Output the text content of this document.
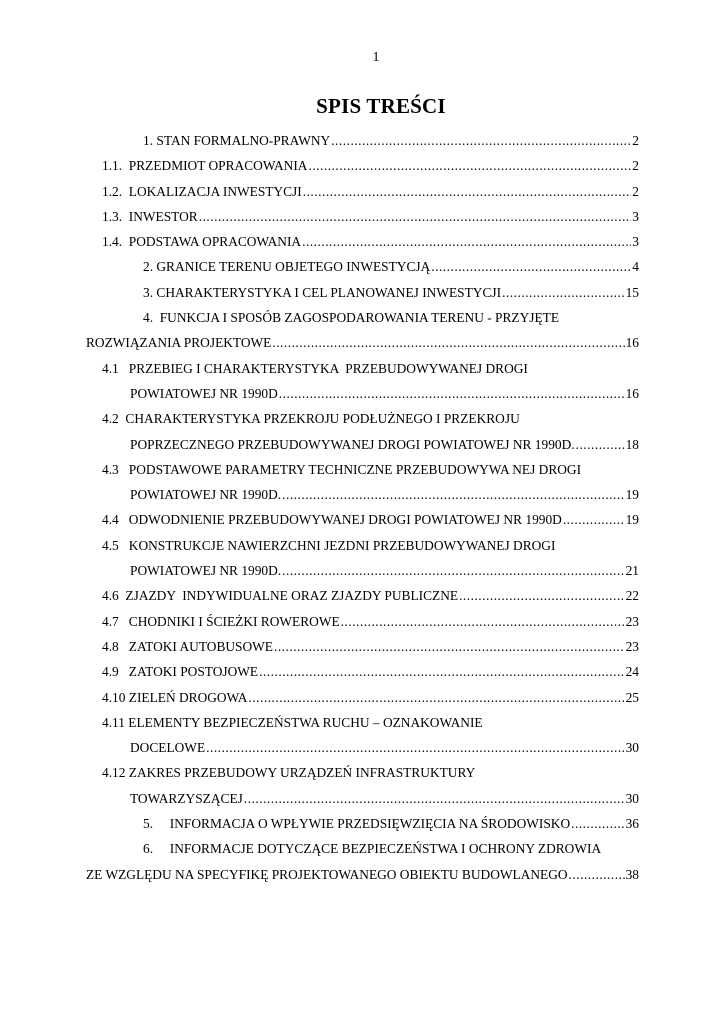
1
SPIS TREŚCI
1. STAN FORMALNO-PRAWNY .....	2
1.1.  PRZEDMIOT OPRACOWANIA .....	2
1.2.  LOKALIZACJA INWESTYCJI .....	2
1.3.  INWESTOR .....	3
1.4.  PODSTAWA OPRACOWANIA .....	3
2. GRANICE TERENU OBJETEGO INWESTYCJĄ .....	4
3. CHARAKTERYSTYKA I CEL PLANOWANEJ INWESTYCJI .....	15
4.  FUNKCJA I SPOSÓB ZAGOSPODAROWANIA TERENU - PRZYJĘTE
ROZWIĄZANIA PROJEKTOWE .....	16
4.1   PRZEBIEG I CHARAKTERYSTYKA  PRZEBUDOWYWANEJ DROGI
POWIATOWEJ NR 1990D .....	16
4.2  CHARAKTERYSTYKA PRZEKROJU PODŁUŻNEGO I PRZEKROJU
POPRZECZNEGO PRZEBUDOWYWANEJ DROGI POWIATOWEJ NR 1990D. .....	18
4.3   PODSTAWOWE PARAMETRY TECHNICZNE PRZEBUDOWYWA NEJ DROGI
POWIATOWEJ NR 1990D. .....	19
4.4   ODWODNIENIE PRZEBUDOWYWANEJ DROGI POWIATOWEJ NR 1990D .....	19
4.5   KONSTRUKCJE NAWIERZCHNI JEZDNI PRZEBUDOWYWANEJ DROGI
POWIATOWEJ NR 1990D. .....	21
4.6  ZJAZDY  INDYWIDUALNE ORAZ ZJAZDY PUBLICZNE .....	22
4.7   CHODNIKI I ŚCIEŻKI ROWEROWE .....	23
4.8   ZATOKI AUTOBUSOWE .....	23
4.9   ZATOKI POSTOJOWE .....	24
4.10 ZIELEŃ DROGOWA .....	25
4.11 ELEMENTY BEZPIECZEŃSTWA RUCHU – OZNAKOWANIE
DOCELOWE .....	30
4.12 ZAKRES PRZEBUDOWY URZĄDZEŃ INFRASTRUKTURY
TOWARZYSZĄCEJ .....	30
5.     INFORMACJA O WPŁYWIE PRZEDSIĘWZIĘCIA NA ŚRODOWISKO .....	36
6.     INFORMACJE DOTYCZĄCE BEZPIECZEŃSTWA I OCHRONY ZDROWIA
ZE WZGLĘDU NA SPECYFIKĘ PROJEKTOWANEGO OBIEKTU BUDOWLANEGO .....	38
